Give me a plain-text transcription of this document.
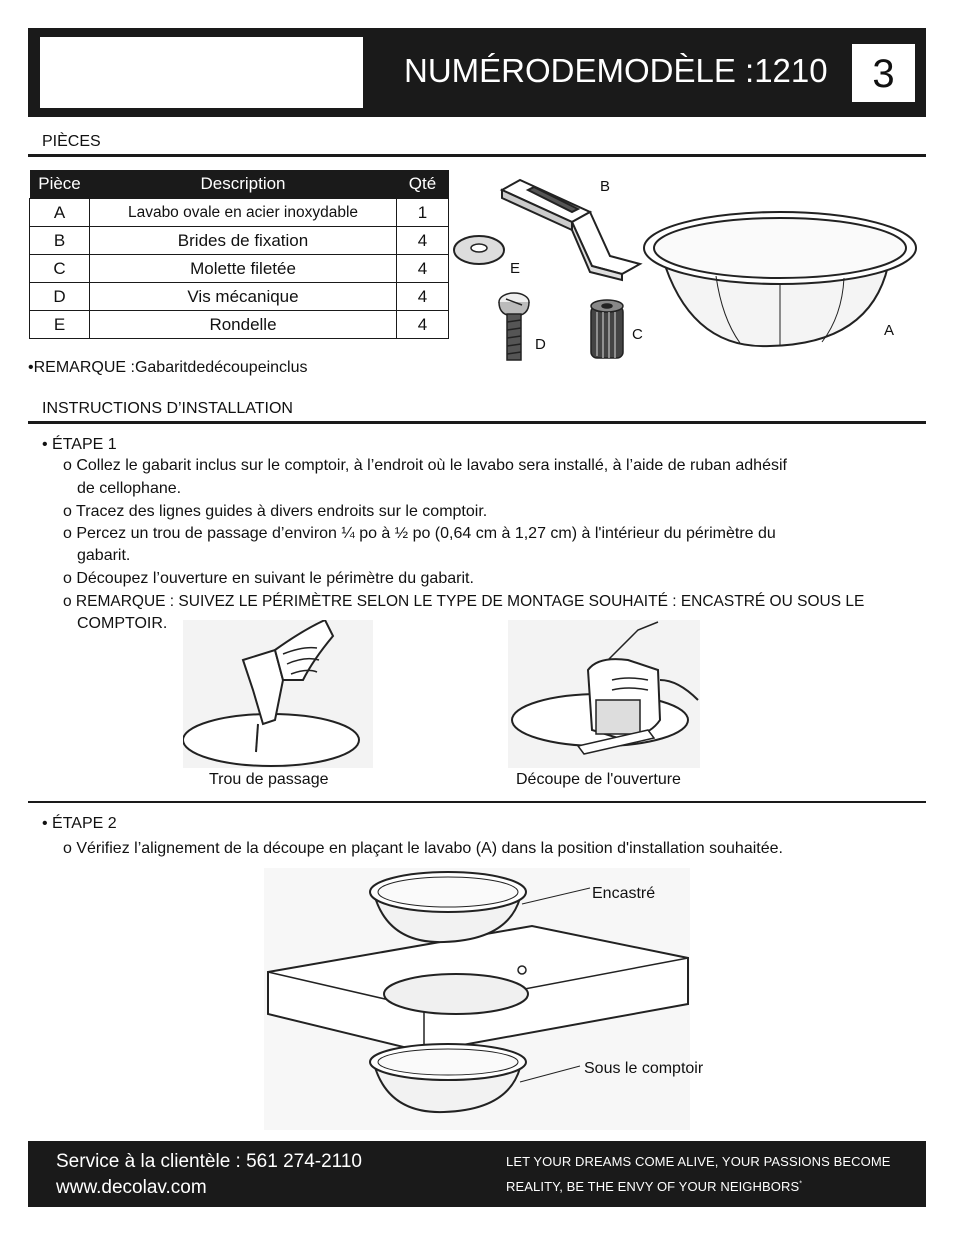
NUMÉRODEMODÈLE :1210	3
PIÈCES
Pièce	Description	Qté
A	Lavabo ovale en acier inoxydable	1
B	Brides de fixation	4
C	Molette filetée	4
D	Vis mécanique	4
E	Rondelle	4
B
E
D
C	A
•REMARQUE :Gabaritdedécoupeinclus
INSTRUCTIONS D’INSTALLATION
• ÉTAPE 1
o Collez le gabarit inclus sur le comptoir, à l’endroit où le lavabo sera installé, à l’aide de ruban adhésif
de cellophane.
o Tracez des lignes guides à divers endroits sur le comptoir.
o Percez un trou de passage d’environ ¼ po à ½ po (0,64 cm à 1,27 cm) à l'intérieur du périmètre du
gabarit.
o Découpez l’ouverture en suivant le périmètre du gabarit.
o REMARQUE : SUIVEZ LE PÉRIMÈTRE SELON LE TYPE DE MONTAGE SOUHAITÉ : ENCASTRÉ OU SOUS LE
COMPTOIR.
Trou de passage	Découpe de l'ouverture
• ÉTAPE 2
o Vérifiez l’alignement de la découpe en plaçant le lavabo (A) dans la position d'installation souhaitée.
Encastré
Sous le comptoir
Service à la clientèle : 561 274-2110
www.decolav.com
LET YOUR DREAMS COME ALIVE, YOUR PASSIONS BECOME
REALITY, BE THE ENVY OF YOUR NEIGHBORS*
